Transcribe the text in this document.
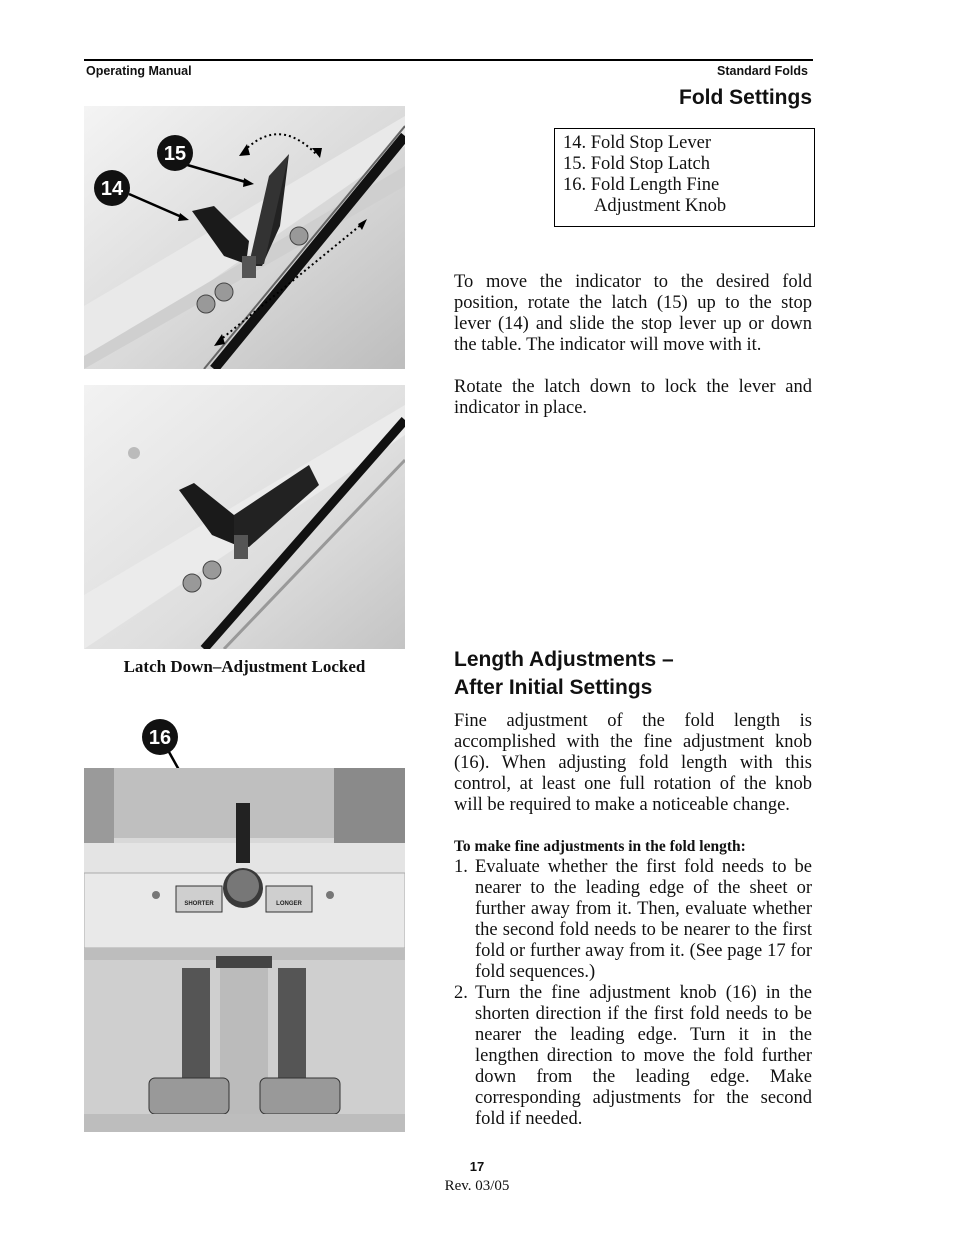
Operating Manual	Standard Folds
Fold Settings
14. Fold Stop Lever
15. Fold Stop Latch
16. Fold Length Fine
Adjustment Knob
15
14
Latch Down–Adjustment Locked
16
SHORTER	LONGER
To move the indicator to the desired fold position, rotate the latch (15) up to the stop lever (14) and slide the stop lever up or down the table. The indicator will move with it.
Rotate the latch down to lock the lever and indicator in place.
Length Adjustments –
After Initial Settings
Fine adjustment of the fold length is accomplished with the fine adjustment knob (16). When adjusting fold length with this control, at least one full rotation of the knob will be required to make a noticeable change.
To make fine adjustments in the fold length:
1. Evaluate whether the first fold needs to be nearer to the leading edge of the sheet or further away from it. Then, evaluate whether the second fold needs to be nearer to the first fold or further away from it. (See page 17 for fold sequences.)
2. Turn the fine adjustment knob (16) in the shorten direction if the first fold needs to be nearer the leading edge. Turn it in the lengthen direction to move the fold further down from the leading edge. Make corresponding adjustments for the second fold if needed.
17
Rev. 03/05
